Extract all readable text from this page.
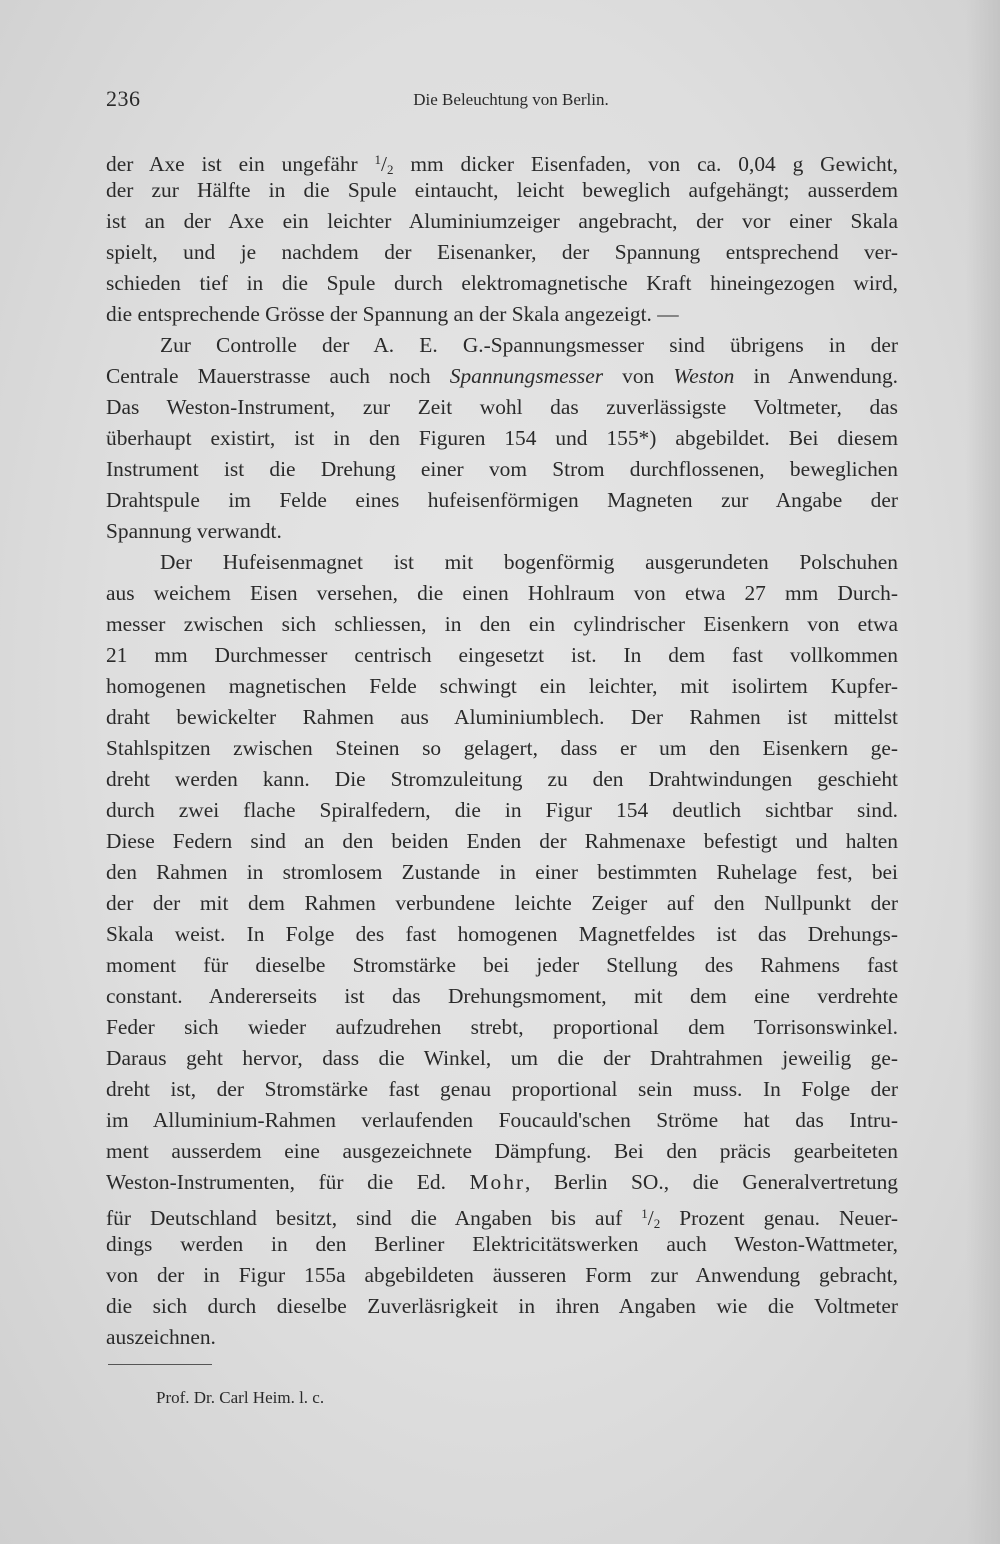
236	Die Beleuchtung von Berlin.
der Axe ist ein ungefähr $^1/_2$ mm dicker Eisenfaden, von ca. 0,04 g Gewicht,
der zur Hälfte in die Spule eintaucht, leicht beweglich aufgehängt; ausserdem
ist an der Axe ein leichter Aluminiumzeiger angebracht, der vor einer Skala
spielt, und je nachdem der Eisenanker, der Spannung entsprechend ver-
schieden tief in die Spule durch elektromagnetische Kraft hineingezogen wird,
die entsprechende Grösse der Spannung an der Skala angezeigt. —
Zur Controlle der A. E. G.-Spannungsmesser sind übrigens in der
Centrale Mauerstrasse auch noch Spannungsmesser von Weston in Anwendung.
Das Weston-Instrument, zur Zeit wohl das zuverlässigste Voltmeter, das
überhaupt existirt, ist in den Figuren 154 und 155*) abgebildet. Bei diesem
Instrument ist die Drehung einer vom Strom durchflossenen, beweglichen
Drahtspule im Felde eines hufeisenförmigen Magneten zur Angabe der
Spannung verwandt.
Der Hufeisenmagnet ist mit bogenförmig ausgerundeten Polschuhen
aus weichem Eisen versehen, die einen Hohlraum von etwa 27 mm Durch-
messer zwischen sich schliessen, in den ein cylindrischer Eisenkern von etwa
21 mm Durchmesser centrisch eingesetzt ist. In dem fast vollkommen
homogenen magnetischen Felde schwingt ein leichter, mit isolirtem Kupfer-
draht bewickelter Rahmen aus Aluminiumblech. Der Rahmen ist mittelst
Stahlspitzen zwischen Steinen so gelagert, dass er um den Eisenkern ge-
dreht werden kann. Die Stromzuleitung zu den Drahtwindungen geschieht
durch zwei flache Spiralfedern, die in Figur 154 deutlich sichtbar sind.
Diese Federn sind an den beiden Enden der Rahmenaxe befestigt und halten
den Rahmen in stromlosem Zustande in einer bestimmten Ruhelage fest, bei
der der mit dem Rahmen verbundene leichte Zeiger auf den Nullpunkt der
Skala weist. In Folge des fast homogenen Magnetfeldes ist das Drehungs-
moment für dieselbe Stromstärke bei jeder Stellung des Rahmens fast
constant. Andererseits ist das Drehungsmoment, mit dem eine verdrehte
Feder sich wieder aufzudrehen strebt, proportional dem Torrisonswinkel.
Daraus geht hervor, dass die Winkel, um die der Drahtrahmen jeweilig ge-
dreht ist, der Stromstärke fast genau proportional sein muss. In Folge der
im Alluminium-Rahmen verlaufenden Foucauld'schen Ströme hat das Intru-
ment ausserdem eine ausgezeichnete Dämpfung. Bei den präcis gearbeiteten
Weston-Instrumenten, für die Ed. Mohr, Berlin SO., die Generalvertretung
für Deutschland besitzt, sind die Angaben bis auf $^1/_2$ Prozent genau. Neuer-
dings werden in den Berliner Elektricitätswerken auch Weston-Wattmeter,
von der in Figur 155a abgebildeten äusseren Form zur Anwendung gebracht,
die sich durch dieselbe Zuverläsrigkeit in ihren Angaben wie die Voltmeter
auszeichnen.
Prof. Dr. Carl Heim. l. c.
